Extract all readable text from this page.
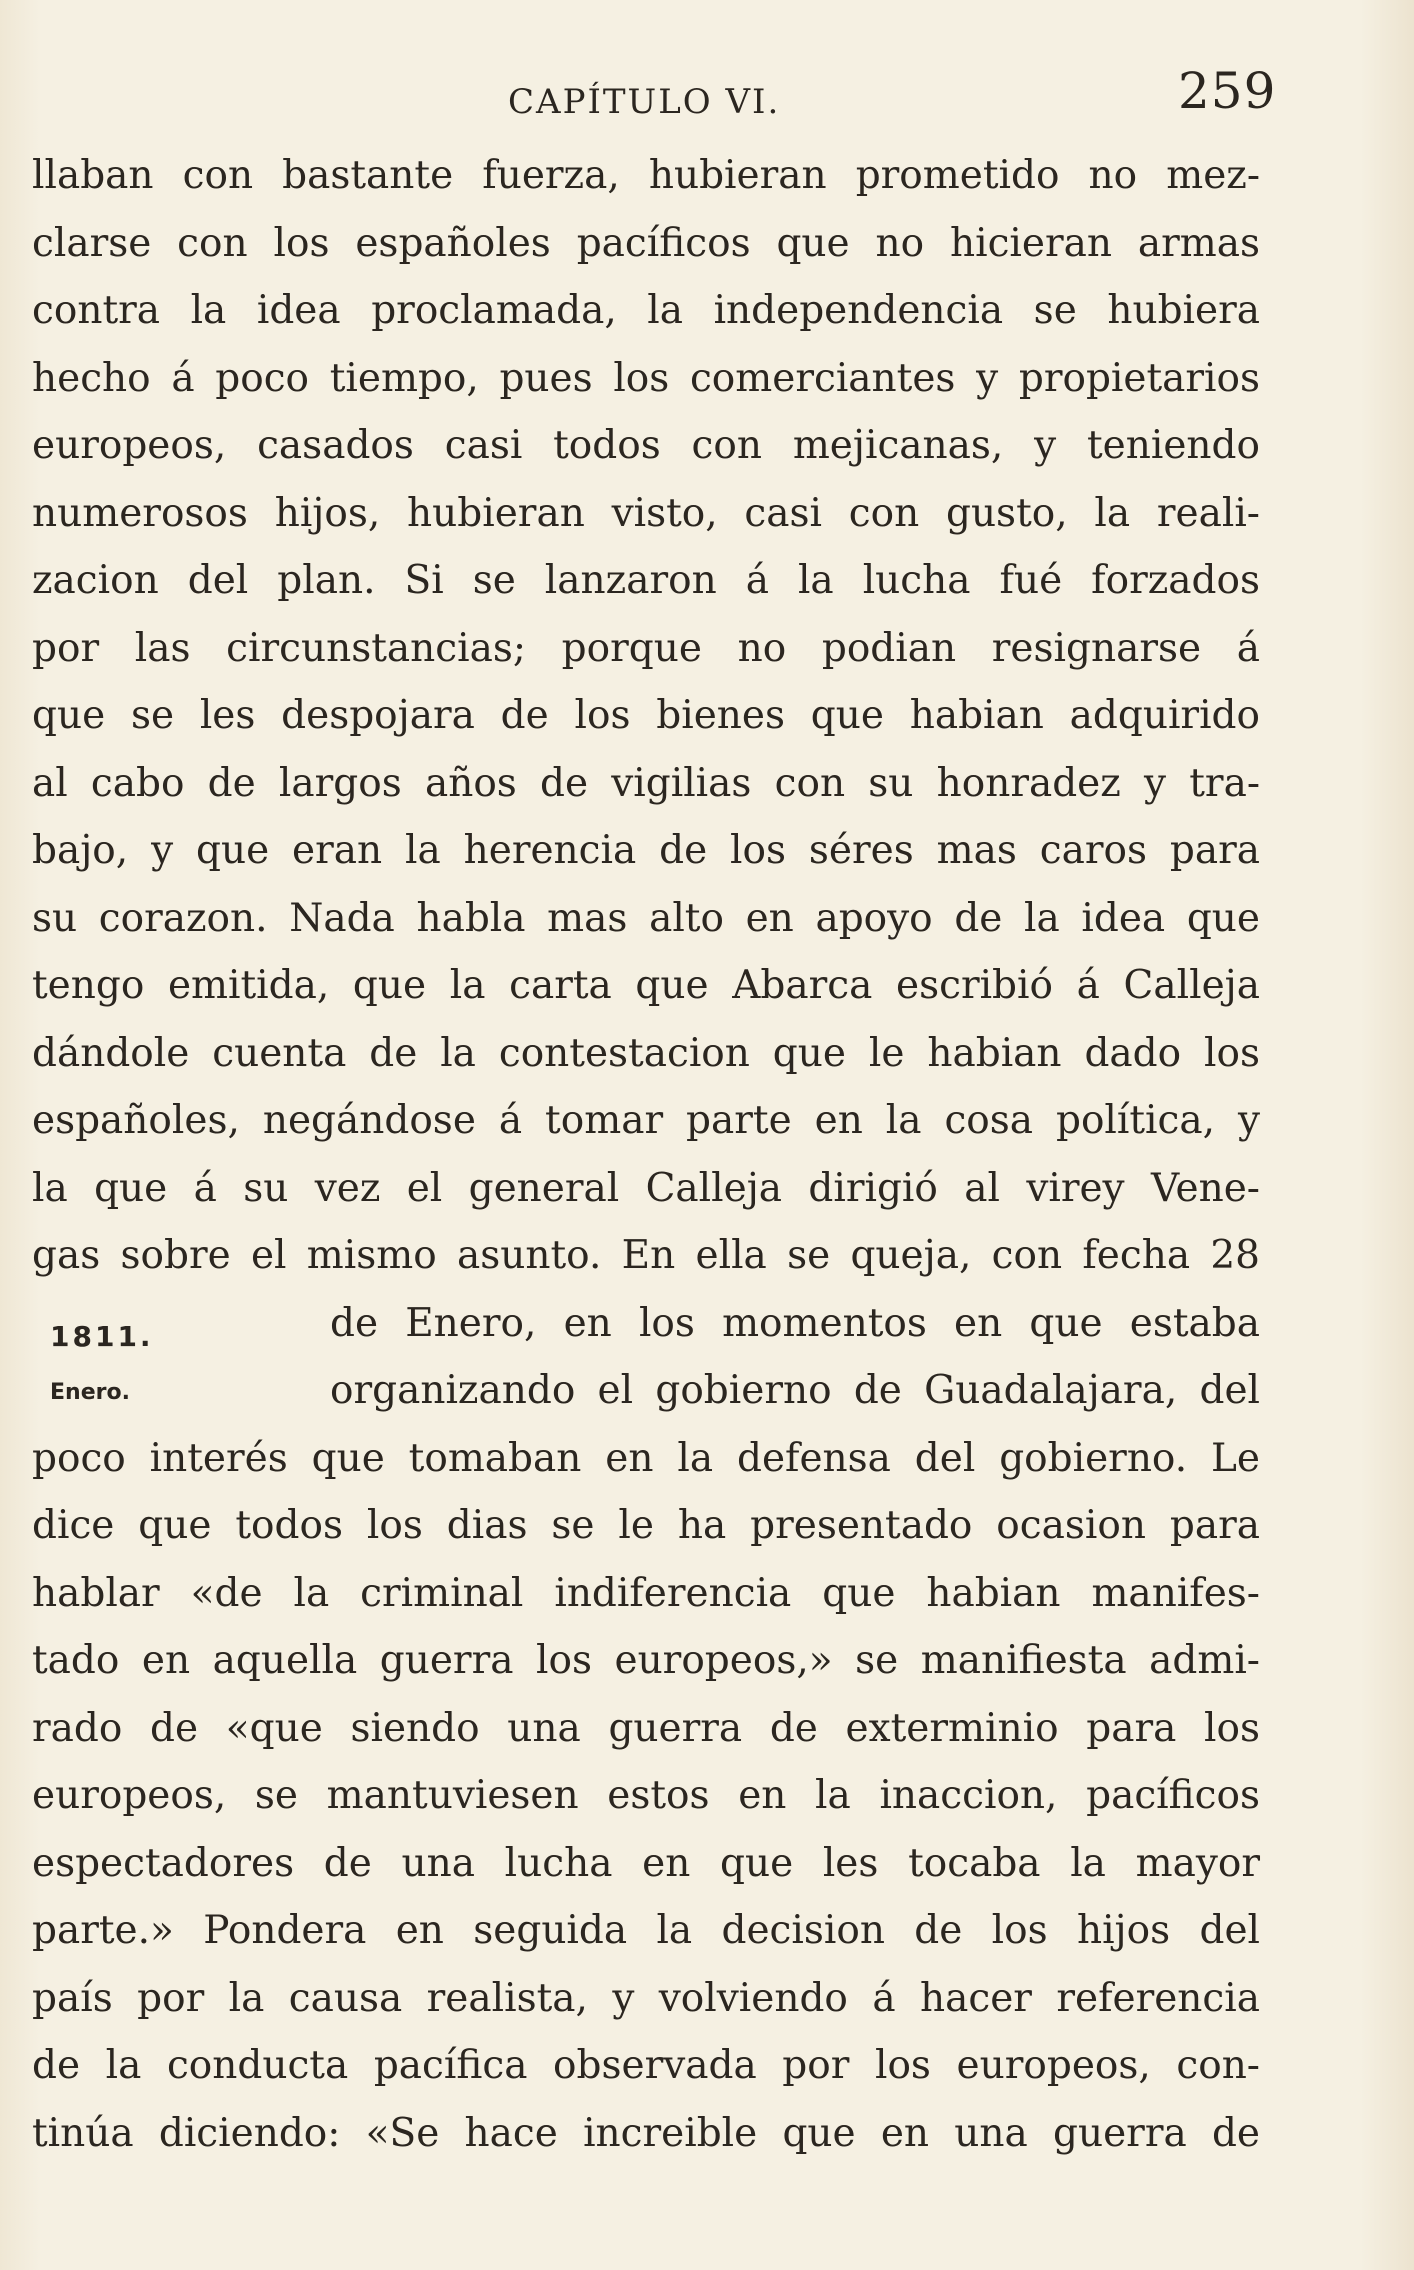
CAPÍTULO VI.	259
llaban con bastante fuerza, hubieran prometido no mez-
clarse con los españoles pacíficos que no hicieran armas
contra la idea proclamada, la independencia se hubiera
hecho á poco tiempo, pues los comerciantes y propietarios
europeos, casados casi todos con mejicanas, y teniendo
numerosos hijos, hubieran visto, casi con gusto, la reali-
zacion del plan. Si se lanzaron á la lucha fué forzados
por las circunstancias; porque no podian resignarse á
que se les despojara de los bienes que habian adquirido
al cabo de largos años de vigilias con su honradez y tra-
bajo, y que eran la herencia de los séres mas caros para
su corazon. Nada habla mas alto en apoyo de la idea que
tengo emitida, que la carta que Abarca escribió á Calleja
dándole cuenta de la contestacion que le habian dado los
españoles, negándose á tomar parte en la cosa política, y
la que á su vez el general Calleja dirigió al virey Vene-
gas sobre el mismo asunto. En ella se queja, con fecha 28
de Enero, en los momentos en que estaba
organizando el gobierno de Guadalajara, del
poco interés que tomaban en la defensa del gobierno. Le
dice que todos los dias se le ha presentado ocasion para
hablar «de la criminal indiferencia que habian manifes-
tado en aquella guerra los europeos,» se manifiesta admi-
rado de «que siendo una guerra de exterminio para los
europeos, se mantuviesen estos en la inaccion, pacíficos
espectadores de una lucha en que les tocaba la mayor
parte.» Pondera en seguida la decision de los hijos del
país por la causa realista, y volviendo á hacer referencia
de la conducta pacífica observada por los europeos, con-
tinúa diciendo: «Se hace increible que en una guerra de
1811.
Enero.
